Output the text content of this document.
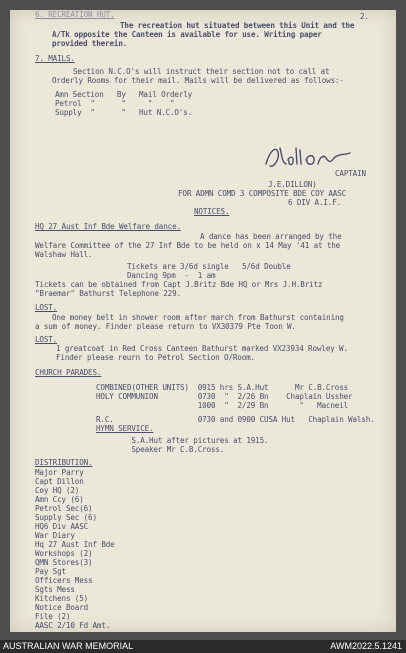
2.
6. RECREATION HUT.
The recreation hut situated between this Unit and the
A/Tk opposite the Canteen is available for use. Writing paper
provided therein.
7. MAILS.
Section N.C.O's will instruct their section not to call at
Orderly Rooms for their mail. Mails will be delivered as follows:-
Amn Section   By   Mail Orderly
Petrol  "      "     "    "
Supply  "      "   Hut N.C.O's.
CAPTAIN
J.E.DILLON)
FOR ADMN COMD 3 COMPOSITE BDE COY AASC
6 DIV A.I.F.
NOTICES.
HQ 27 Aust Inf Bde Welfare dance.
A dance has been arranged by the
Welfare Committee of the 27 Inf Bde to be held on x 14 May '41 at the
Walshaw Hall.
Tickets are 3/6d single   5/6d Double
Dancing 9pm  -  1 am
Tickets can be obtained from Capt J.Britz Bde HQ or Mrs J.H.Britz
"Braemar" Bathurst Telephone 229.
LOST.
One money belt in shower room after march from Bathurst containing
a sum of money. Finder please return to VX30379 Pte Toon W.
LOST.
1 greatcoat in Red Cross Canteen Bathurst marked VX23934 Rowley W.
Finder please reurn to Petrol Section O/Room.
CHURCH PARADES.
COMBINED(OTHER UNITS)  0915 hrs S.A.Hut      Mr C.B.Cross
HOLY COMMUNION         0730  "  2/26 Bn    Chaplain Ussher
1000  "  2/29 Bn       "   Macneil
R.C.                   0730 and 0900 CUSA Hut   Chaplain Walsh.
HYMN SERVICE.
S.A.Hut after pictures at 1915.
Speaker Mr C.B.Cross.
DISTRIBUTION.
Major Parry
Capt Dillon
Coy HQ (2)
Amn Ccy (6)
Petrol Sec(6)
Supply Sec (6)
HQ6 Div AASC
War Diary
Hq 27 Aust Inf Bde
Workshops (2)
QMN Stores(3)
Pay Sgt
Officers Mess
Sgts Mess
Kitchens (5)
Notice Board
File (2)
AASC 2/10 Fd Amt.
AUSTRALIAN WAR MEMORIAL	AWM2022.5.1241
